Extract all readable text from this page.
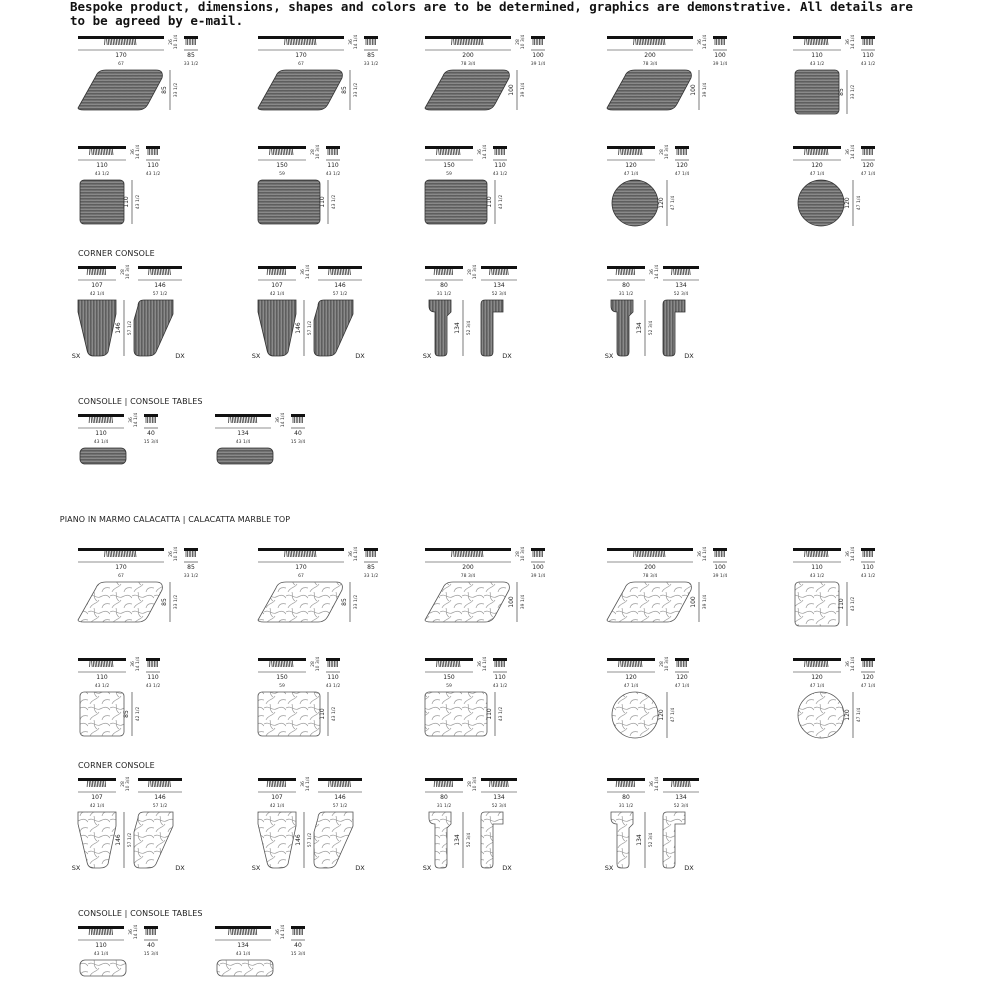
Bespoke product, dimensions, shapes and colors are to be determined, graphics are demonstrative. All details are to be agreed by e-mail.

26 10 1/4
170
67
85
33 1/2
85 33 1/2
36 14 1/4
170
67
85
33 1/2
85 33 1/2
28 10 3/4
200
78 3/4
100
39 1/4
100 39 1/4
36 14 1/4
200
78 3/4
100
39 1/4
100 39 1/4
36 14 1/4
110
43 1/2
110
43 1/2
85 33 1/2
36 14 1/4
110
43 1/2
110
43 1/2
110 43 1/2
28 10 3/4
150
59
110
43 1/2
110 43 1/2
36 14 1/4
150
59
110
43 1/2
110 43 1/2
28 10 3/4
120
47 1/4
120
47 1/4
120 47 1/4
36 14 1/4
120
47 1/4
120
47 1/4
120 47 1/4
CORNER CONSOLE
28 10 3/4
107
42 1/4
146
57 1/2
146 57 1/2
SX	DX
36 14 1/4
107
42 1/4
146
57 1/2
146 57 1/2
SX	DX
28 10 3/4
80
31 1/2
134
52 3/4
134 52 3/4
SX	DX
36 14 1/4
80
31 1/2
134
52 3/4
134 52 3/4
SX	DX
CONSOLLE | CONSOLE TABLES
36 14 1/4
110
43 1/4
40
15 3/4
36 14 1/4
134
43 1/4
40
15 3/4
PIANO IN MARMO CALACATTA | CALACATTA MARBLE TOP
26 10 1/4
170
67
85
33 1/2
85 33 1/2
36 14 1/4
170
67
85
33 1/2
85 33 1/2
28 10 3/4
200
78 3/4
100
39 1/4
100 39 1/4
36 14 1/4
200
78 3/4
100
39 1/4
100 39 1/4
36 14 1/4
110
43 1/2
110
43 1/2
110 43 1/2
36 14 1/4
110
43 1/2
110
43 1/2
85 42 1/2
28 10 3/4
150
59
110
43 1/2
110 43 1/2
36 14 1/4
150
59
110
43 1/2
110 43 1/2
28 10 3/4
120
47 1/4
120
47 1/4
120 47 1/4
36 14 1/4
120
47 1/4
120
47 1/4
120 47 1/4
CORNER CONSOLE
28 10 3/4
107
42 1/4
146
57 1/2
146 57 1/2
SX	DX
36 14 1/4
107
42 1/4
146
57 1/2
146 57 1/2
SX	DX
28 10 3/4
80
31 1/2
134
52 3/4
134 52 3/4
SX	DX
36 14 1/4
80
31 1/2
134
52 3/4
134 52 3/4
SX	DX
CONSOLLE | CONSOLE TABLES
36 14 1/4
110
43 1/4
40
15 3/4
36 14 1/4
134
43 1/4
40
15 3/4
